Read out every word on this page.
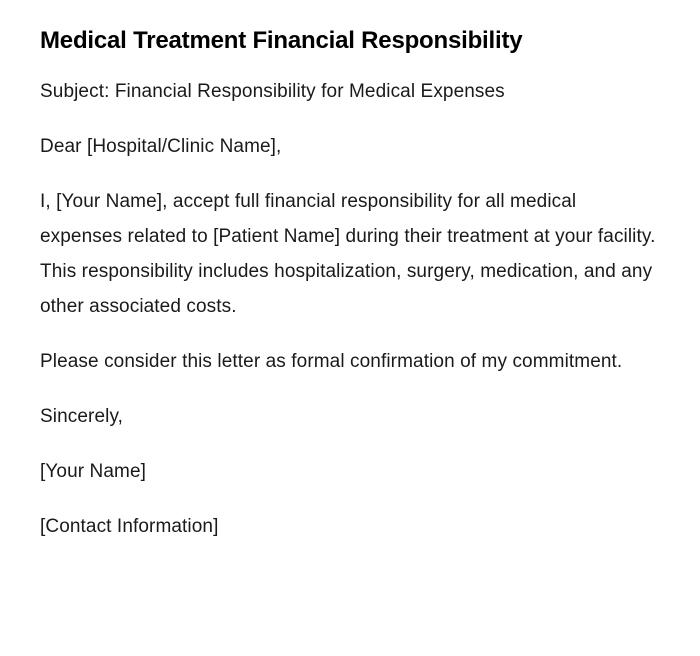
Medical Treatment Financial Responsibility

Subject: Financial Responsibility for Medical Expenses

Dear [Hospital/Clinic Name],

I, [Your Name], accept full financial responsibility for all medical expenses related to [Patient Name] during their treatment at your facility. This responsibility includes hospitalization, surgery, medication, and any other associated costs.

Please consider this letter as formal confirmation of my commitment.

Sincerely,

[Your Name]

[Contact Information]
